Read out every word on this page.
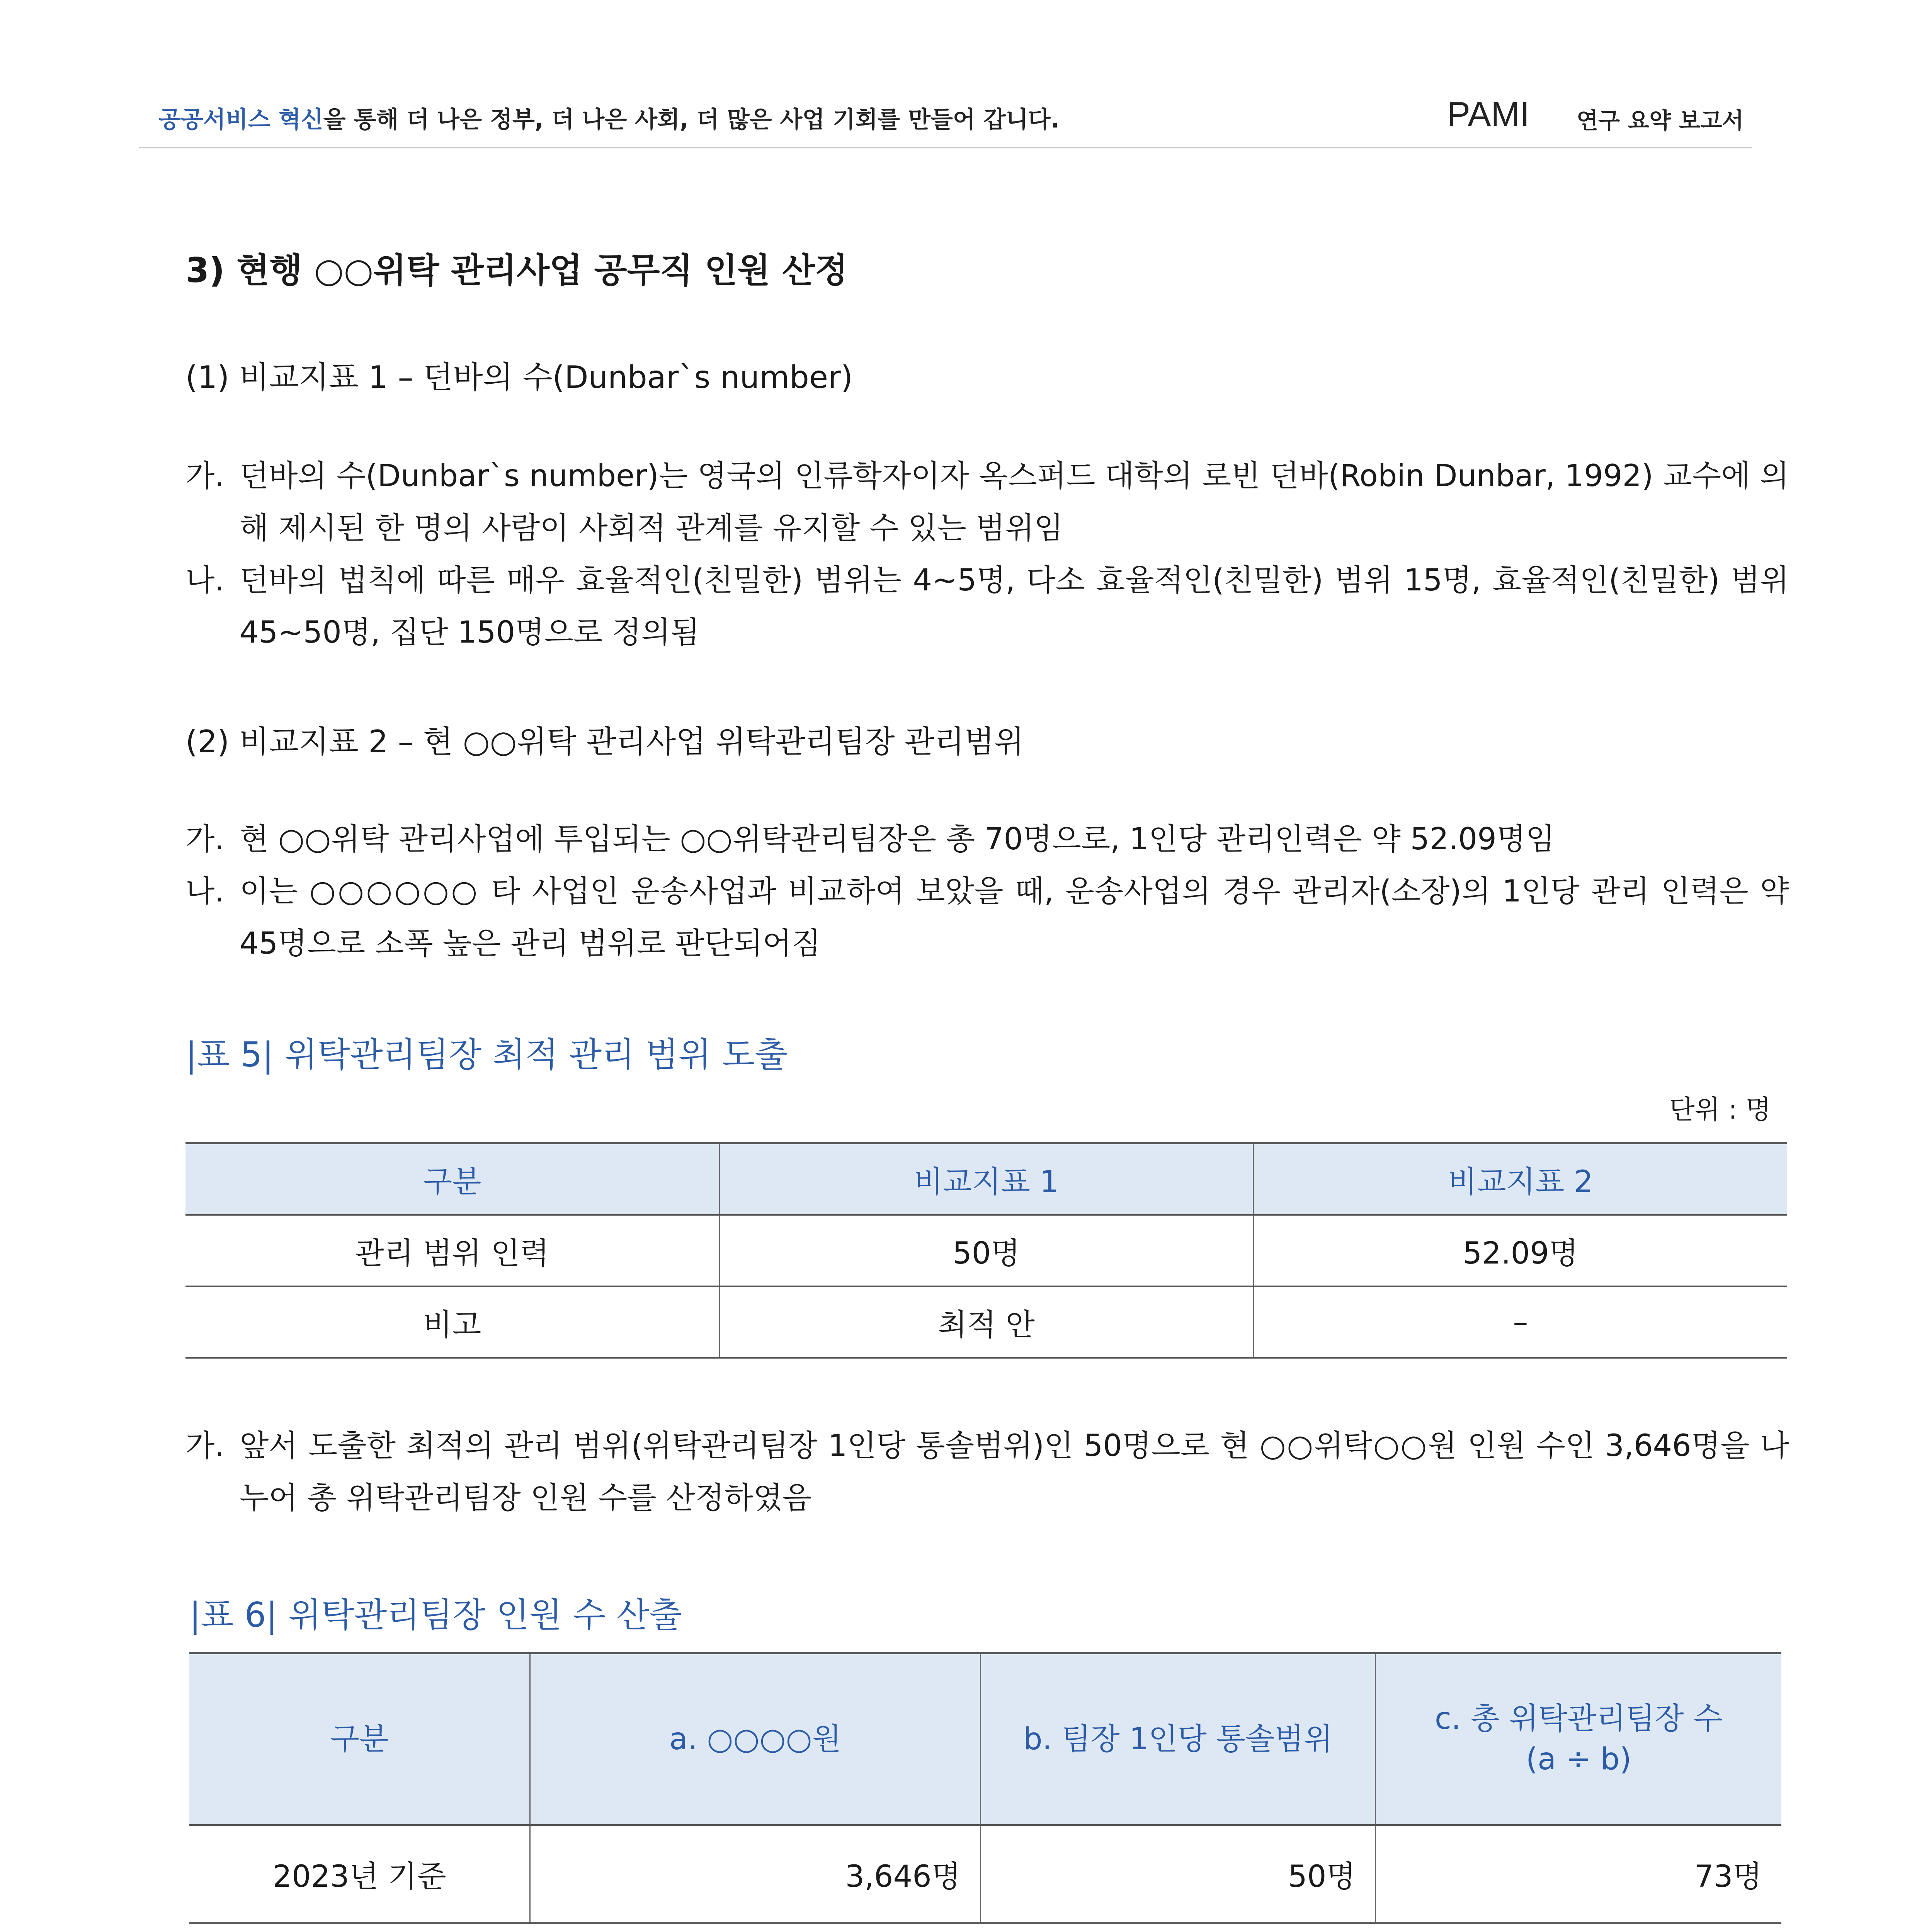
공공서비스 혁신을 통해 더 나은 정부, 더 나은 사회, 더 많은 사업 기회를 만들어 갑니다.	PAMI 연구 요약 보고서
3) 현행 ○○위탁 관리사업 공무직 인원 산정
(1) 비교지표 1 – 던바의 수(Dunbar`s number)
가. 던바의 수(Dunbar`s number)는 영국의 인류학자이자 옥스퍼드 대학의 로빈 던바(Robin Dunbar, 1992) 교수에 의해 제시된 한 명의 사람이 사회적 관계를 유지할 수 있는 범위임
나. 던바의 법칙에 따른 매우 효율적인(친밀한) 범위는 4~5명, 다소 효율적인(친밀한) 범위 15명, 효율적인(친밀한) 범위 45~50명, 집단 150명으로 정의됨
(2) 비교지표 2 – 현 ○○위탁 관리사업 위탁관리팀장 관리범위
가. 현 ○○위탁 관리사업에 투입되는 ○○위탁관리팀장은 총 70명으로, 1인당 관리인력은 약 52.09명임
나. 이는 ○○○○○○ 타 사업인 운송사업과 비교하여 보았을 때, 운송사업의 경우 관리자(소장)의 1인당 관리 인력은 약 45명으로 소폭 높은 관리 범위로 판단되어짐
|표 5| 위탁관리팀장 최적 관리 범위 도출
단위 : 명
구분	비교지표 1	비교지표 2
관리 범위 인력	50명	52.09명
비고	최적 안	–
가. 앞서 도출한 최적의 관리 범위(위탁관리팀장 1인당 통솔범위)인 50명으로 현 ○○위탁○○원 인원 수인 3,646명을 나누어 총 위탁관리팀장 인원 수를 산정하였음
|표 6| 위탁관리팀장 인원 수 산출
구분	a. ○○○○원	b. 팀장 1인당 통솔범위	c. 총 위탁관리팀장 수
(a ÷ b)

2023년 기준	3,646명	50명	73명
